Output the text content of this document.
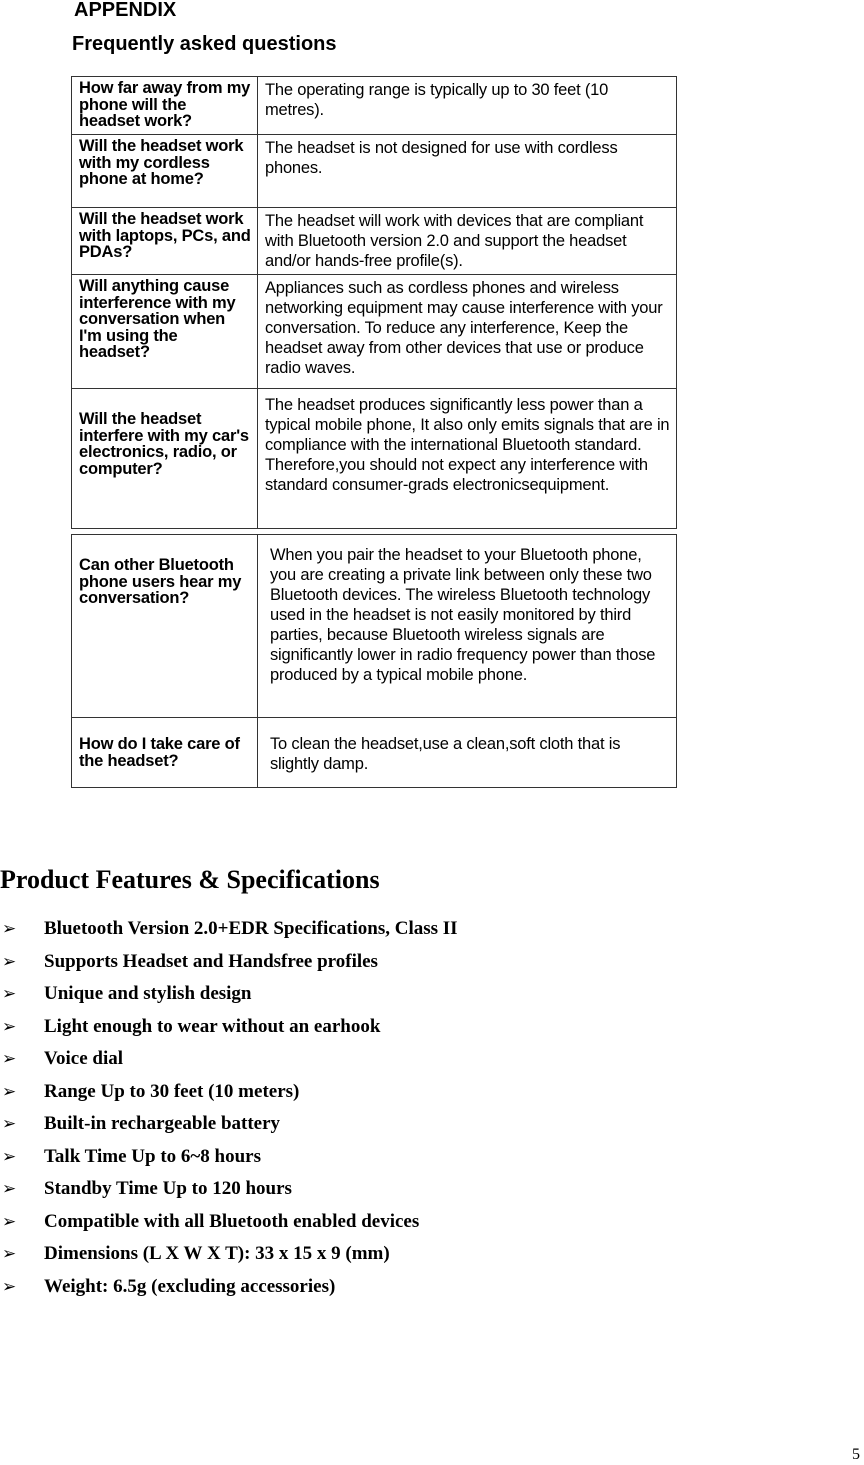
APPENDIX
Frequently asked questions
How far away from my phone will the headset work?	The operating range is typically up to 30 feet (10 metres).
Will the headset work with my cordless phone at home?	The headset is not designed for use with cordless phones.
Will the headset work with laptops, PCs, and PDAs?	The headset will work with devices that are compliant with Bluetooth version 2.0 and support the headset and/or hands-free profile(s).
Will anything cause interference with my conversation when I'm using the headset?	Appliances such as cordless phones and wireless networking equipment may cause interference with your conversation. To reduce any interference, Keep the headset away from other devices that use or produce radio waves.
Will the headset interfere with my car's electronics, radio, or computer?	The headset produces significantly less power than a typical mobile phone, It also only emits signals that are in compliance with the international Bluetooth standard. Therefore,you should not expect any interference with standard consumer-grads electronicsequipment.

Can other Bluetooth phone users hear my conversation?	When you pair the headset to your Bluetooth phone, you are creating a private link between only these two Bluetooth devices. The wireless Bluetooth technology used in the headset is not easily monitored by third parties, because Bluetooth wireless signals are significantly lower in radio frequency power than those produced by a typical mobile phone.
How do I take care of the headset?	To clean the headset,use a clean,soft cloth that is slightly damp.
Product Features & Specifications
➢ Bluetooth Version 2.0+EDR Specifications, Class II
➢ Supports Headset and Handsfree profiles
➢ Unique and stylish design
➢ Light enough to wear without an earhook
➢ Voice dial
➢ Range Up to 30 feet (10 meters)
➢ Built-in rechargeable battery
➢ Talk Time Up to 6~8 hours
➢ Standby Time Up to 120 hours
➢ Compatible with all Bluetooth enabled devices
➢ Dimensions (L X W X T): 33 x 15 x 9 (mm)
➢ Weight: 6.5g (excluding accessories)
5
